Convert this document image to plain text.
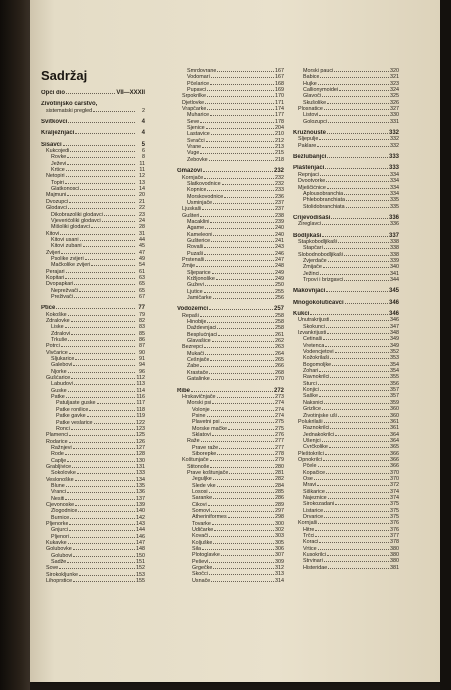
Sadržaj
Opći dio	VII—XXXII
Životinjsko carstvo,
sistematski pregled	2
Svitkovci	4
Kralježnjaci	4
Sisavci	5
Kukcojedi	6
Rovke	8
Ježevi	11
Krtice	11
Netopiri	12
Topiri	13
Glatkonosci	14
Majmuni	20
Dvozupci	21
Glodavci	22
Dikobrazoliki glodavci	23
Vjeverićoliki glodavci	24
Mišoliki glodavci	28
Kitovi	31
Kitovi usani	44
Kitovi zubani	45
Zvijeri	47
Psolike zvijeri	49
Mačkolike zvijeri	54
Perajari	61
Kopitari	63
Dvopapkari	65
Neprežvači	65
Preživači	67
Ptice	77
Kokoške	79
Ždralovke	82
Liske	83
Ždralovi	85
Trkuše	86
Potrci	87
Vivčarice	90
Šljukarice	91
Galebovi	94
Njorke	96
Gušćarice	112
Labudovi	113
Guske	114
Patke	116
Patuljaste guske	117
Patke ronilice	118
Patke gavke	119
Patke veslarice	122
Ronci	123
Plamenci	125
Rodarice	126
Ražnjevi	127
Rode	128
Čaplje	130
Grabljivice	131
Sokolovke	133
Veslonoške	134
Blune	135
Vranci	136
Nesiti	137
Cjevonoske	139
Zlogodnice	140
Burnice	142
Pljenorke	143
Gnjurci	144
Pljenori	146
Kukavke	147
Golubovke	148
Golubovi	150
Sadže	151
Sove	152
Širokokljunke	153
Lihoprstice	155
Smrdovrane	167
Vodomari	167
Pčelarice	168
Pupavci	169
Srpokrilke	170
Djetlovke	171
Vrapčarke	174
Muharice	177
Ševe	178
Sjenice	204
Lastavice	210
Svračci	212
Vrane	213
Vuge	215
Zebovke	218
Gmazovi	232
Kornjače	232
Slatkovodnice	232
Kopnice	233
Morskovodnice	236
Usminjače	237
Ljuskaši	237
Gušteri	238
Macaklini	239
Agame	240
Kameleoni	240
Gušterice	241
Rovaši	243
Puzaši	246
Prstenaši	247
Zmije	248
Sljeparice	249
Kržljonoške	249
Guževi	250
Ljutice	255
Jamičarke	256
Vodozemci	257
Repaši	258
Hinobije	258
Daždevnjaci	258
Besplućnjaci	261
Glavašice	262
Bezrepci	263
Mukači	264
Češnjače	265
Žabe	266
Krastače	268
Gatalinke	270
Ribe	272
Hrskavičnjače	273
Morski psi	274
Volonje	274
Psine	274
Plavetni psi	275
Morske mačke	275
Sklatovi	276
Raže	277
Prave raže	277
Šiborepke	278
Koštunjače	279
Štitonoše	280
Prave koštunjače	281
Jeguljke	282
Slede vke	284
Lososi	285
Šaranke	286
Čikovi	289
Somovi	297
Atheriniformes	298
Tovarke	300
Udičarke	302
Kovači	303
Koljuške	305
Šila	306
Plotoglavke	307
Peševi	309
Grgečke	312
Skočci	313
Usnače	314
Morski pauci	320
Babice	321
Hujke	323
Callionymoidei	324
Glavoči	325
Skušolike	326
Plosnatice	327
Listovi	330
Golozupci	331
Kružnouste	332
Sljepulje	332
Paklare	332
Bezlubanjci	333
Plaštenjaci	333
Repnjaci	334
Dvootvorke	334
Mješčićnice	334
Aplousobranchia	334
Phlebobranchiata	335
Stolidobranchiata	335
Crijevodišaši	336
Žireglavci	336
Bodljikaši	337
Stapkobodljikaši	338
Stapčari	338
Slobodnobodljikaši	338
Zvjerdače	339
Zmijače	340
Ježinci	341
Trpovi i brizgavci	344
Makovnjaci	345
Mnogokolutićavci	346
Kukci	346
Unutrakrijusti	346
Skokunci	347
Izvankrijusti	348
Četinaši	349
Vretenca	349
Vodencjetovi	352
Kožokrilaši	353
Bogomoljke	354
Žohari	354
Ravnokrilci	355
Šturci	356
Konjici	357
Šaške	357
Naksnici	359
Grizlice	360
Životinjske uši	360
Polukrilaši	361
Raznokrilci	361
Jednakokrilci	364
Ušenjci	364
Cvrčkolike	365
Pleštokrilci	366
Opnokrilci	366
Pčele	366
Kopačice	370
Ose	370
Mravi	372
Šiškarice	374
Najeznice	374
Širokozadani	375
Listarice	375
Drvarice	375
Kornjaši	376
Hitre	376
Trčci	377
Koraci	378
Vrtice	380
Kusokrilci	380
Strvinari	380
Histeridae	381
